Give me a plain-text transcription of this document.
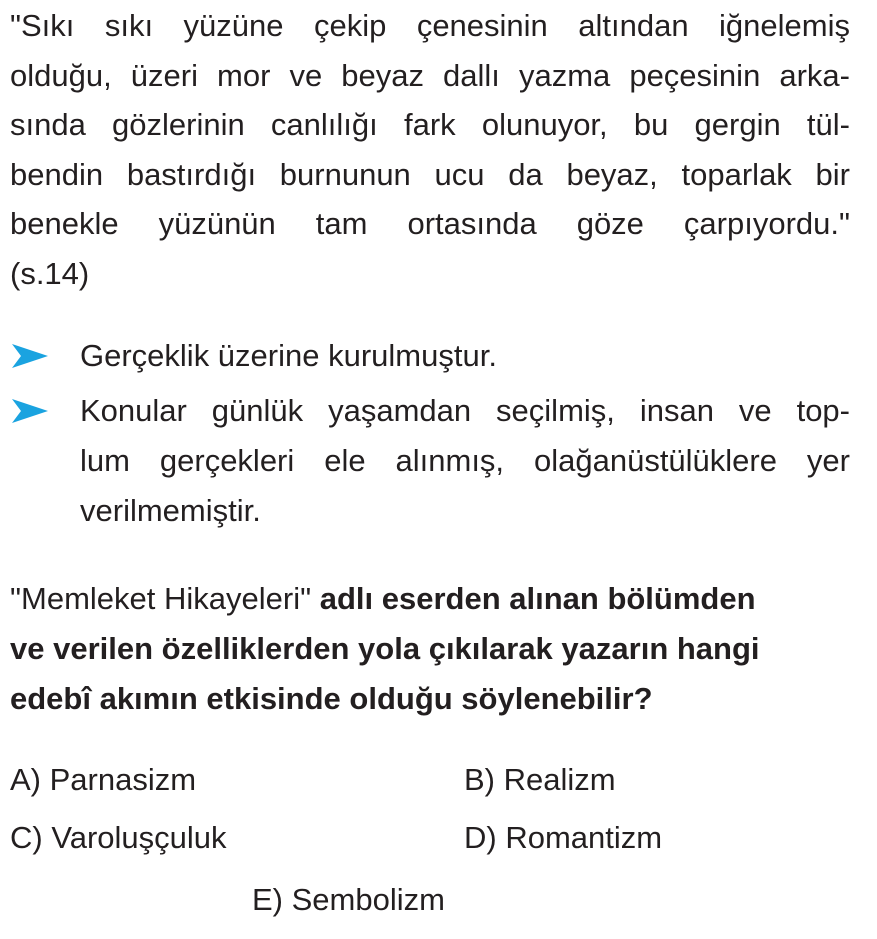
"Sıkı sıkı yüzüne çekip çenesinin altından iğnelemiş
olduğu, üzeri mor ve beyaz dallı yazma peçesinin arka-
sında gözlerinin canlılığı fark olunuyor, bu gergin tül-
bendin bastırdığı burnunun ucu da beyaz, toparlak bir
benekle yüzünün tam ortasında göze çarpıyordu."
(s.14)
Gerçeklik üzerine kurulmuştur.
Konular günlük yaşamdan seçilmiş, insan ve top-
lum gerçekleri ele alınmış, olağanüstülüklere yer
verilmemiştir.
"Memleket Hikayeleri" adlı eserden alınan bölümden
ve verilen özelliklerden yola çıkılarak yazarın hangi
edebî akımın etkisinde olduğu söylenebilir?
A) Parnasizm	B) Realizm
C) Varoluşçuluk	D) Romantizm
E) Sembolizm
